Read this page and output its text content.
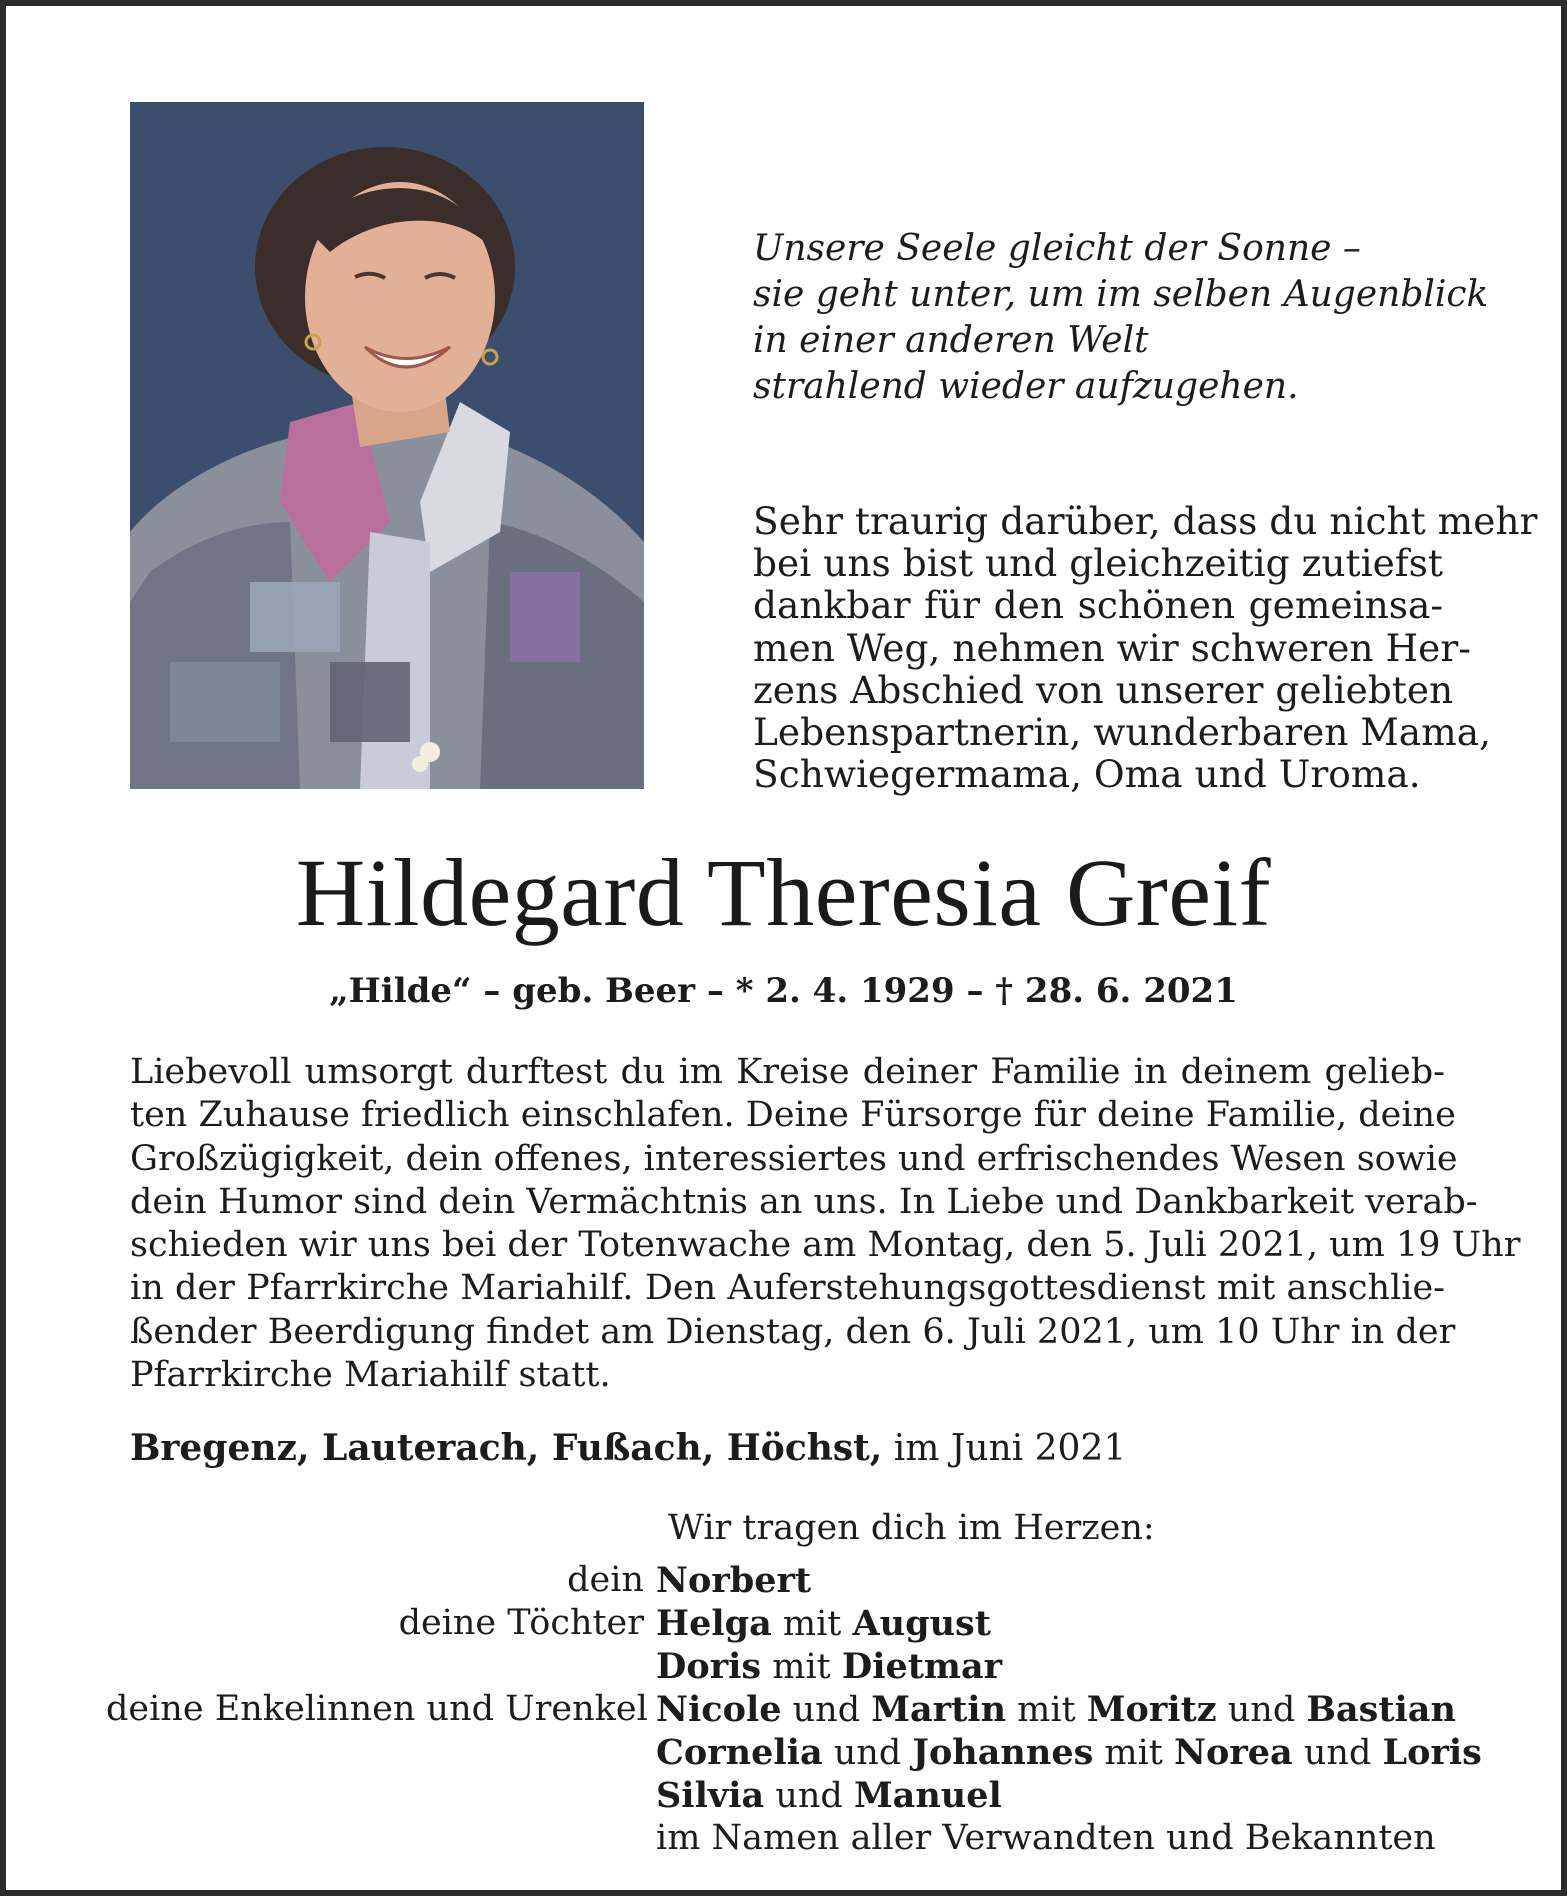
Unsere Seele gleicht der Sonne –
sie geht unter, um im selben Augenblick
in einer anderen Welt
strahlend wieder aufzugehen.
Sehr traurig darüber, dass du nicht mehr
bei uns bist und gleichzeitig zutiefst
dankbar für den schönen gemeinsa-
men Weg, nehmen wir schweren Her-
zens Abschied von unserer geliebten
Lebenspartnerin, wunderbaren Mama,
Schwiegermama, Oma und Uroma.
Hildegard Theresia Greif
„Hilde“ – geb. Beer – * 2. 4. 1929 – † 28. 6. 2021
Liebevoll umsorgt durftest du im Kreise deiner Familie in deinem gelieb-
ten Zuhause friedlich einschlafen. Deine Fürsorge für deine Familie, deine
Großzügigkeit, dein offenes, interessiertes und erfrischendes Wesen sowie
dein Humor sind dein Vermächtnis an uns. In Liebe und Dankbarkeit verab-
schieden wir uns bei der Totenwache am Montag, den 5. Juli 2021, um 19 Uhr
in der Pfarrkirche Mariahilf. Den Auferstehungsgottesdienst mit anschlie-
ßender Beerdigung findet am Dienstag, den 6. Juli 2021, um 10 Uhr in der
Pfarrkirche Mariahilf statt.
Bregenz, Lauterach, Fußach, Höchst, im Juni 2021
Wir tragen dich im Herzen:
dein Norbert
deine Töchter Helga mit August
Doris mit Dietmar
deine Enkelinnen und Urenkel Nicole und Martin mit Moritz und Bastian
Cornelia und Johannes mit Norea und Loris
Silvia und Manuel
im Namen aller Verwandten und Bekannten
